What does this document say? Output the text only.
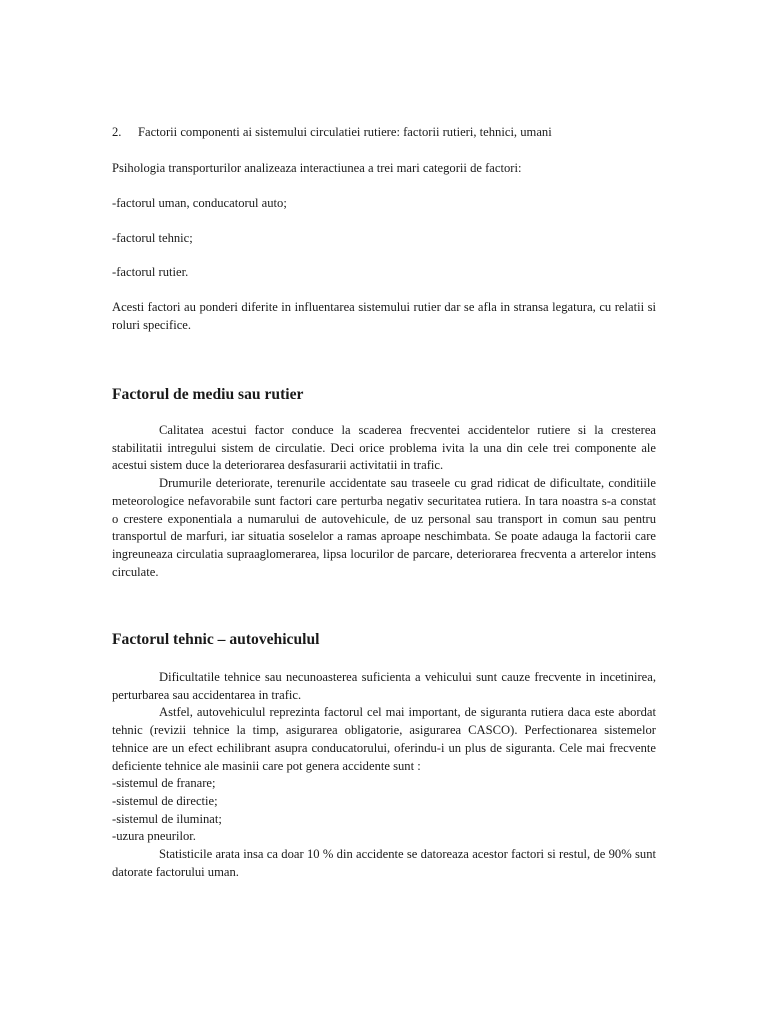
2. Factorii componenti ai sistemului circulatiei rutiere: factorii rutieri, tehnici, umani

Psihologia transporturilor analizeaza interactiunea a trei mari categorii de factori:

-factorul uman, conducatorul auto;

-factorul tehnic;

-factorul rutier.

Acesti factori au ponderi diferite in influentarea sistemului rutier dar se afla in stransa legatura, cu relatii si roluri specifice.

Factorul de mediu sau rutier
Calitatea acestui factor conduce la scaderea frecventei accidentelor rutiere si la cresterea stabilitatii intregului sistem de circulatie. Deci orice problema ivita la una din cele trei componente ale acestui sistem duce la deteriorarea desfasurarii activitatii in trafic.
Drumurile deteriorate, terenurile accidentate sau traseele cu grad ridicat de dificultate, conditiile meteorologice nefavorabile sunt factori care perturba negativ securitatea rutiera. In tara noastra s-a constat o crestere exponentiala a numarului de autovehicule, de uz personal sau transport in comun sau pentru transportul de marfuri, iar situatia soselelor a ramas aproape neschimbata. Se poate adauga la factorii care ingreuneaza circulatia supraaglomerarea, lipsa locurilor de parcare, deteriorarea frecventa a arterelor intens circulate.
Factorul tehnic – autovehiculul
Dificultatile tehnice sau necunoasterea suficienta a vehicului sunt cauze frecvente in incetinirea, perturbarea sau accidentarea in trafic.
Astfel, autovehiculul reprezinta factorul cel mai important, de siguranta rutiera daca este abordat tehnic (revizii tehnice la timp, asigurarea obligatorie, asigurarea CASCO). Perfectionarea sistemelor tehnice are un efect echilibrant asupra conducatorului, oferindu-i un plus de siguranta. Cele mai frecvente deficiente tehnice ale masinii care pot genera accidente sunt :
-sistemul de franare;
-sistemul de directie;
-sistemul de iluminat;
-uzura pneurilor.
Statisticile arata insa ca doar 10 % din accidente se datoreaza acestor factori si restul, de 90% sunt datorate factorului uman.
